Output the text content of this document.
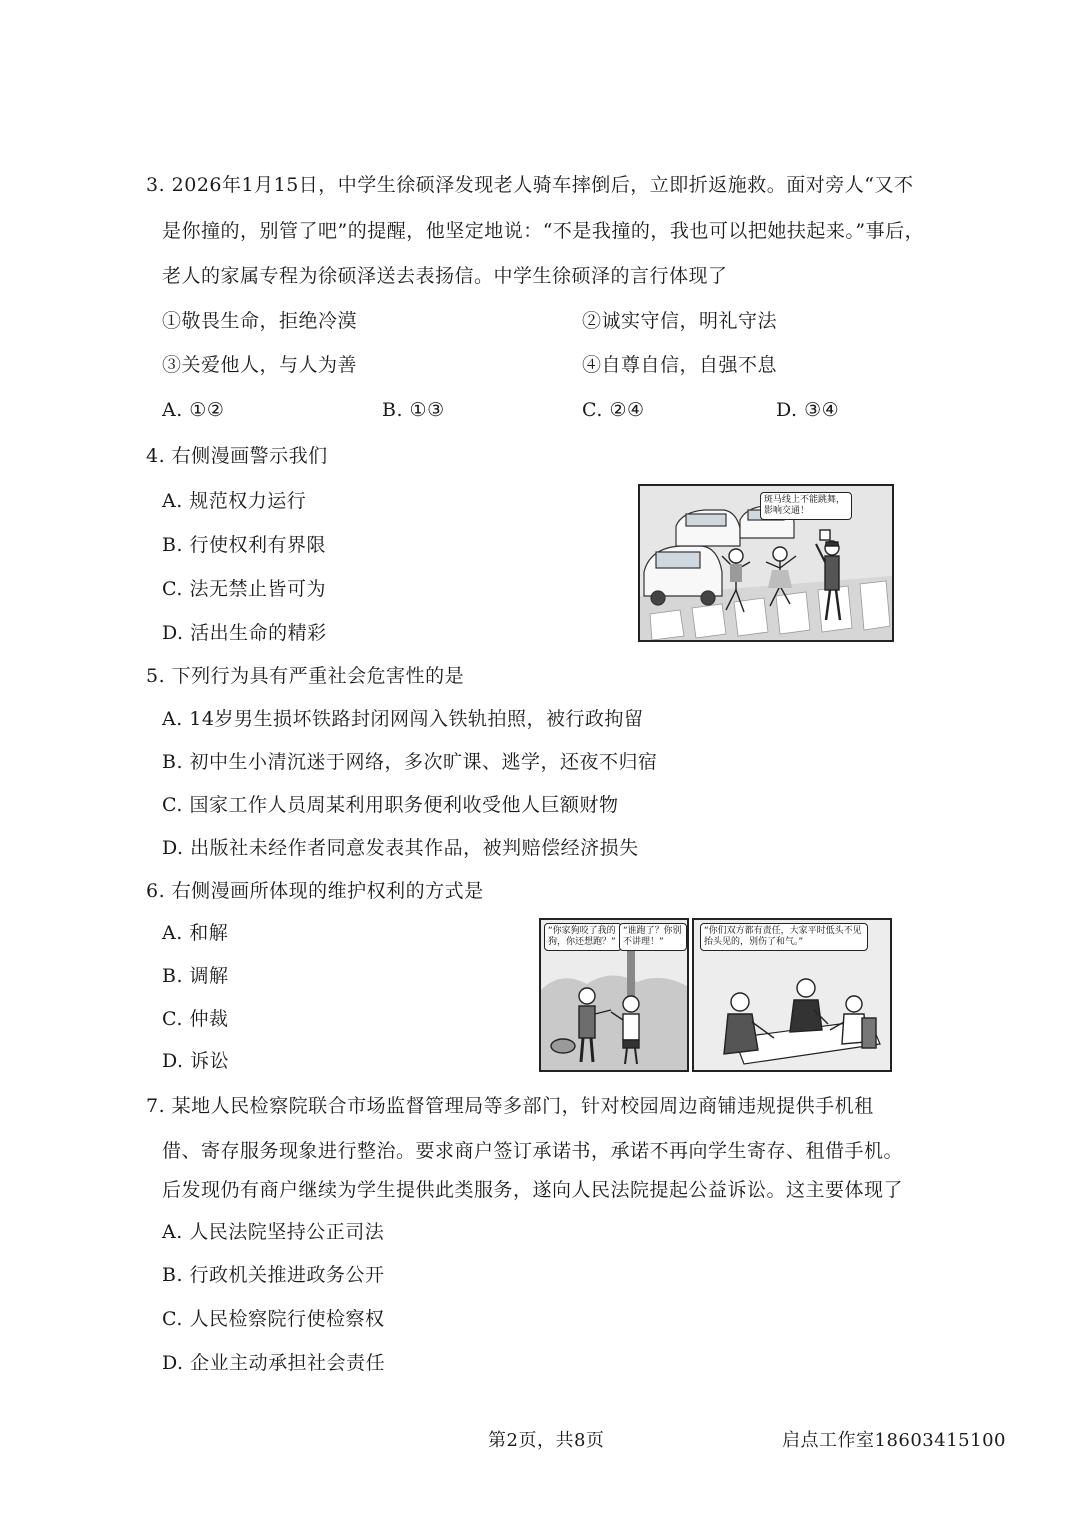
3. 2026年1月15日，中学生徐硕泽发现老人骑车摔倒后，立即折返施救。面对旁人“又不
是你撞的，别管了吧”的提醒，他坚定地说：“不是我撞的，我也可以把她扶起来。”事后，
老人的家属专程为徐硕泽送去表扬信。中学生徐硕泽的言行体现了
①敬畏生命，拒绝冷漠	②诚实守信，明礼守法
③关爱他人，与人为善	④自尊自信，自强不息
A. ①②	B. ①③	C. ②④	D. ③④
4. 右侧漫画警示我们
A. 规范权力运行
B. 行使权利有界限
C. 法无禁止皆可为
D. 活出生命的精彩
斑马线上不能跳舞，影响交通！
5. 下列行为具有严重社会危害性的是
A. 14岁男生损坏铁路封闭网闯入铁轨拍照，被行政拘留
B. 初中生小清沉迷于网络，多次旷课、逃学，还夜不归宿
C. 国家工作人员周某利用职务便利收受他人巨额财物
D. 出版社未经作者同意发表其作品，被判赔偿经济损失
6. 右侧漫画所体现的维护权利的方式是
A. 和解
B. 调解
C. 仲裁
D. 诉讼
“你家狗咬了我的狗，你还想跑？”
“谁跑了？你别不讲理！”
“你们双方都有责任，大家平时低头不见抬头见的，别伤了和气。”
7. 某地人民检察院联合市场监督管理局等多部门，针对校园周边商铺违规提供手机租
借、寄存服务现象进行整治。要求商户签订承诺书，承诺不再向学生寄存、租借手机。
后发现仍有商户继续为学生提供此类服务，遂向人民法院提起公益诉讼。这主要体现了
A. 人民法院坚持公正司法
B. 行政机关推进政务公开
C. 人民检察院行使检察权
D. 企业主动承担社会责任
第2页，共8页	启点工作室18603415100
